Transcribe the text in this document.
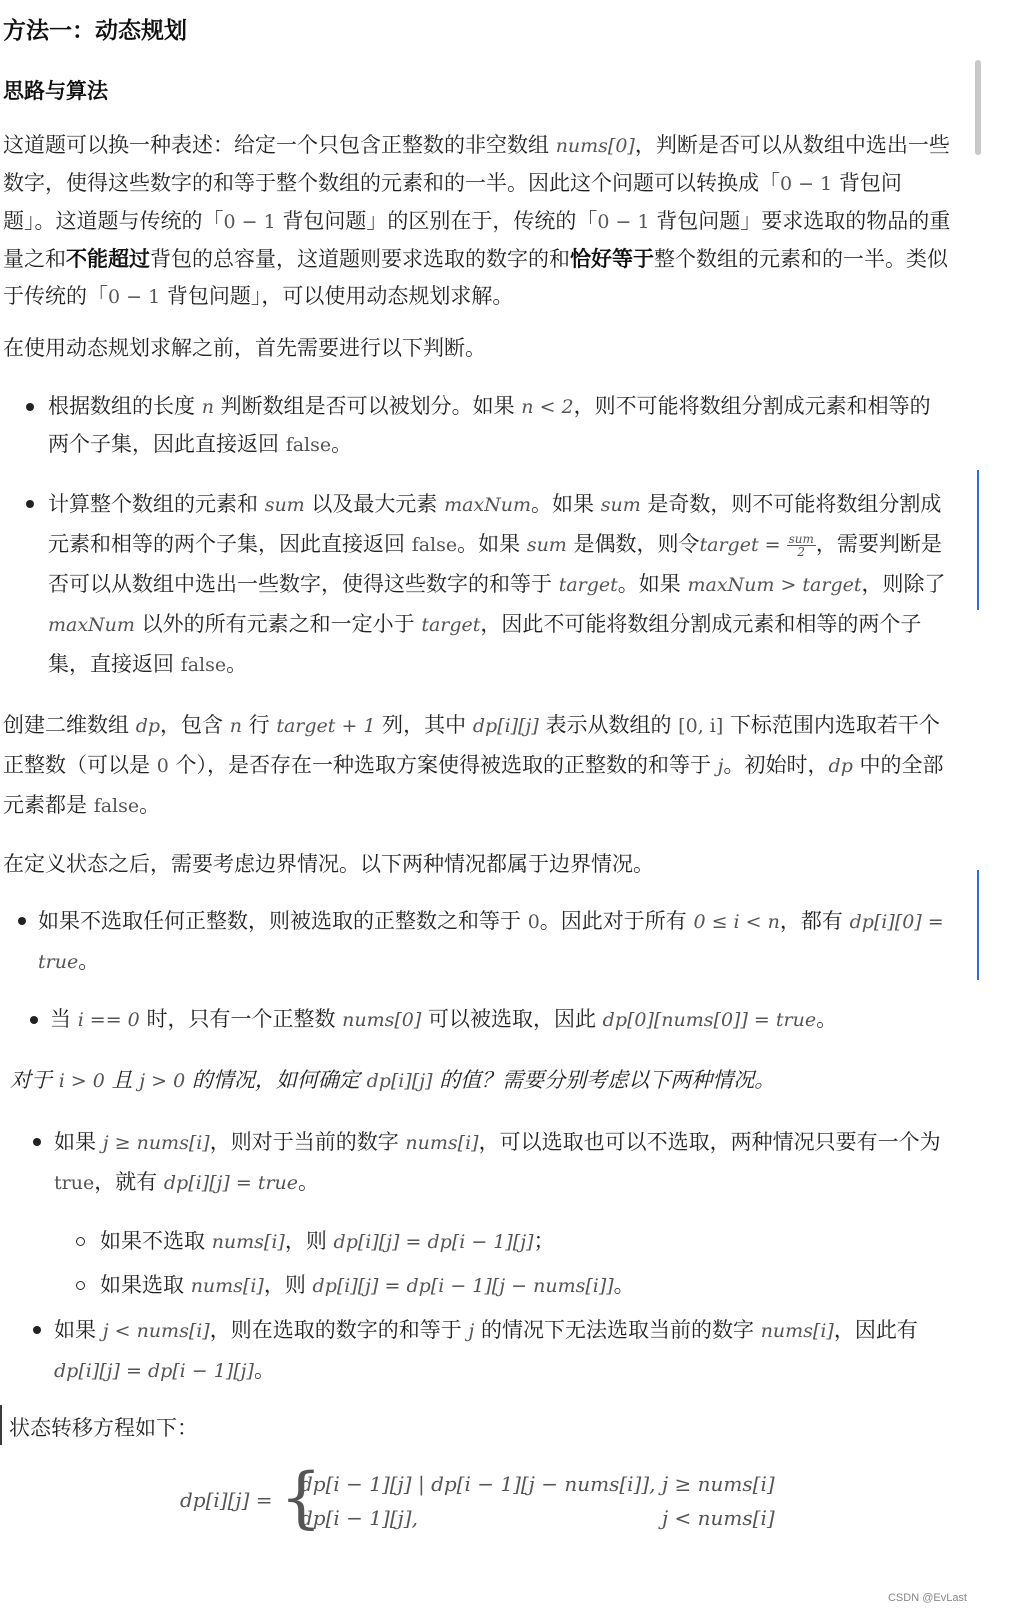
方法一：动态规划
思路与算法

这道题可以换一种表述：给定一个只包含正整数的非空数组 nums[0]，判断是否可以从数组中选出一些数字，使得这些数字的和等于整个数组的元素和的一半。因此这个问题可以转换成「0 − 1 背包问题」。这道题与传统的「0 − 1 背包问题」的区别在于，传统的「0 − 1 背包问题」要求选取的物品的重量之和不能超过背包的总容量，这道题则要求选取的数字的和恰好等于整个数组的元素和的一半。类似于传统的「0 − 1 背包问题」，可以使用动态规划求解。

在使用动态规划求解之前，首先需要进行以下判断。

根据数组的长度 n 判断数组是否可以被划分。如果 n < 2，则不可能将数组分割成元素和相等的两个子集，因此直接返回 false。

计算整个数组的元素和 sum 以及最大元素 maxNum。如果 sum 是奇数，则不可能将数组分割成元素和相等的两个子集，因此直接返回 false。如果 sum 是偶数，则令target = $\frac{\text{sum}}{2}$ ，需要判断是否可以从数组中选出一些数字，使得这些数字的和等于 target。如果 maxNum > target，则除了 maxNum 以外的所有元素之和一定小于 target，因此不可能将数组分割成元素和相等的两个子集，直接返回 false。

创建二维数组 dp，包含 n 行 target + 1 列，其中 dp[i][j] 表示从数组的 [0, i] 下标范围内选取若干个正整数（可以是 0 个），是否存在一种选取方案使得被选取的正整数的和等于 j。初始时，dp 中的全部元素都是 false。

在定义状态之后，需要考虑边界情况。以下两种情况都属于边界情况。

如果不选取任何正整数，则被选取的正整数之和等于 0。因此对于所有 0 ≤ i < n，都有 dp[i][0] = true。

当 i == 0 时，只有一个正整数 nums[0] 可以被选取，因此 dp[0][nums[0]] = true。

对于 i > 0 且 j > 0 的情况，如何确定 dp[i][j] 的值？需要分别考虑以下两种情况。

如果 j ≥ nums[i]，则对于当前的数字 nums[i]，可以选取也可以不选取，两种情况只要有一个为 true，就有 dp[i][j] = true。

如果不选取 nums[i]，则 dp[i][j] = dp[i − 1][j]；

如果选取 nums[i]，则 dp[i][j] = dp[i − 1][j − nums[i]]。

如果 j < nums[i]，则在选取的数字的和等于 j 的情况下无法选取当前的数字 nums[i]，因此有 dp[i][j] = dp[i − 1][j]。

状态转移方程如下：

dp[i][j] = {
dp[i − 1][j] | dp[i − 1][j − nums[i]], j ≥ nums[i]
dp[i − 1][j],	j < nums[i]
CSDN @EvLast
